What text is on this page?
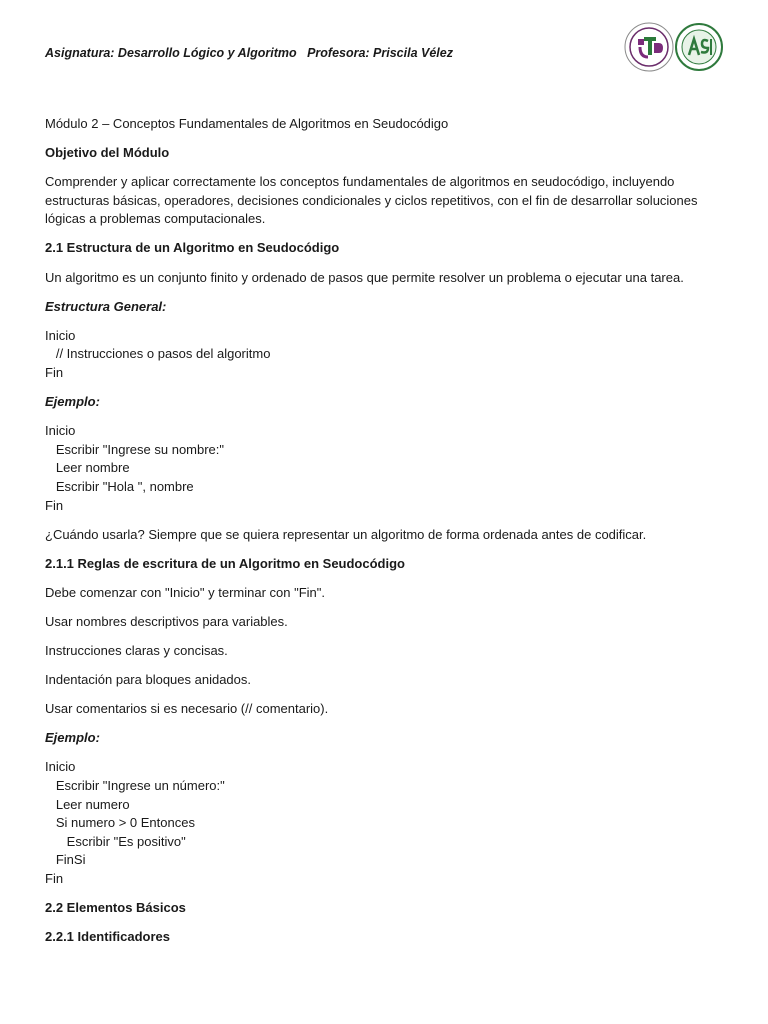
Asignatura: Desarrollo Lógico y Algoritmo   Profesora: Priscila Vélez
Módulo 2 – Conceptos Fundamentales de Algoritmos en Seudocódigo
Objetivo del Módulo
Comprender y aplicar correctamente los conceptos fundamentales de algoritmos en seudocódigo, incluyendo estructuras básicas, operadores, decisiones condicionales y ciclos repetitivos, con el fin de desarrollar soluciones lógicas a problemas computacionales.
2.1 Estructura de un Algoritmo en Seudocódigo
Un algoritmo es un conjunto finito y ordenado de pasos que permite resolver un problema o ejecutar una tarea.
Estructura General:
Inicio
// Instrucciones o pasos del algoritmo
Fin
Ejemplo:
Inicio
Escribir "Ingrese su nombre:"
Leer nombre
Escribir "Hola ", nombre
Fin
¿Cuándo usarla? Siempre que se quiera representar un algoritmo de forma ordenada antes de codificar.
2.1.1 Reglas de escritura de un Algoritmo en Seudocódigo
Debe comenzar con "Inicio" y terminar con "Fin".
Usar nombres descriptivos para variables.
Instrucciones claras y concisas.
Indentación para bloques anidados.
Usar comentarios si es necesario (// comentario).
Ejemplo:
Inicio
Escribir "Ingrese un número:"
Leer numero
Si numero > 0 Entonces
Escribir "Es positivo"
FinSi
Fin
2.2 Elementos Básicos
2.2.1 Identificadores
